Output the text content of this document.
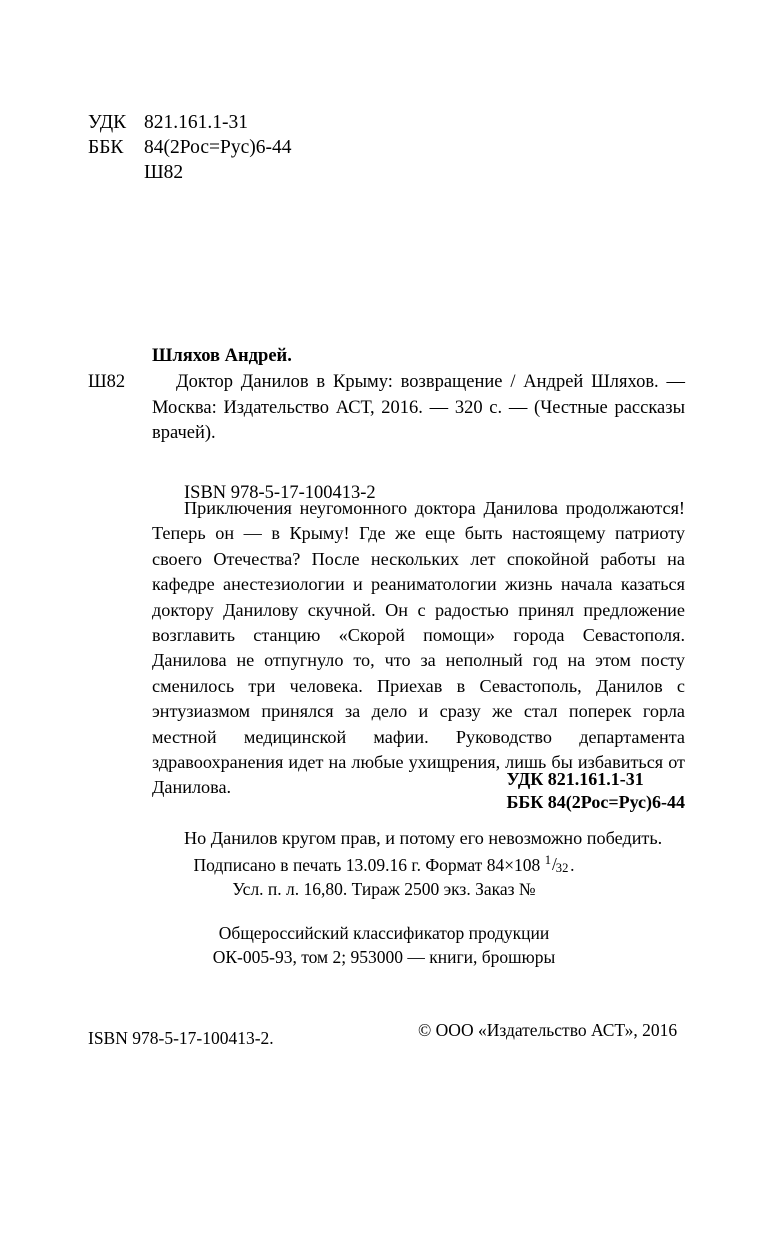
УДК 821.161.1-31
ББК 84(2Рос=Рус)6-44
Ш82
Шляхов Андрей.
Ш82	Доктор Данилов в Крыму: возвращение / Андрей Шляхов. — Москва: Издательство АСТ, 2016. — 320 с. — (Честные рассказы врачей).
ISBN 978-5-17-100413-2

Приключения неугомонного доктора Данилова продолжаются! Теперь он — в Крыму! Где же еще быть настоящему патриоту своего Отечества? После нескольких лет спокойной работы на кафедре анестезиологии и реаниматологии жизнь начала казаться доктору Данилову скучной. Он с радостью принял предложение возглавить станцию «Скорой помощи» города Севастополя. Данилова не отпугнуло то, что за неполный год на этом посту сменилось три человека. Приехав в Севастополь, Данилов с энтузиазмом принялся за дело и сразу же стал поперек горла местной медицинской мафии. Руководство департамента здравоохранения идет на любые ухищрения, лишь бы избавиться от Данилова.

Но Данилов кругом прав, и потому его невозможно победить.

УДК 821.161.1-31
ББК 84(2Рос=Рус)6-44
Подписано в печать 13.09.16 г. Формат 84×108 1 /
32 .
Усл. п. л. 16,80. Тираж 2500 экз. Заказ №
Общероссийский классификатор продукции
ОК-005-93, том 2; 953000 — книги, брошюры
ISBN 978-5-17-100413-2.	© ООО «Издательство АСТ», 2016
